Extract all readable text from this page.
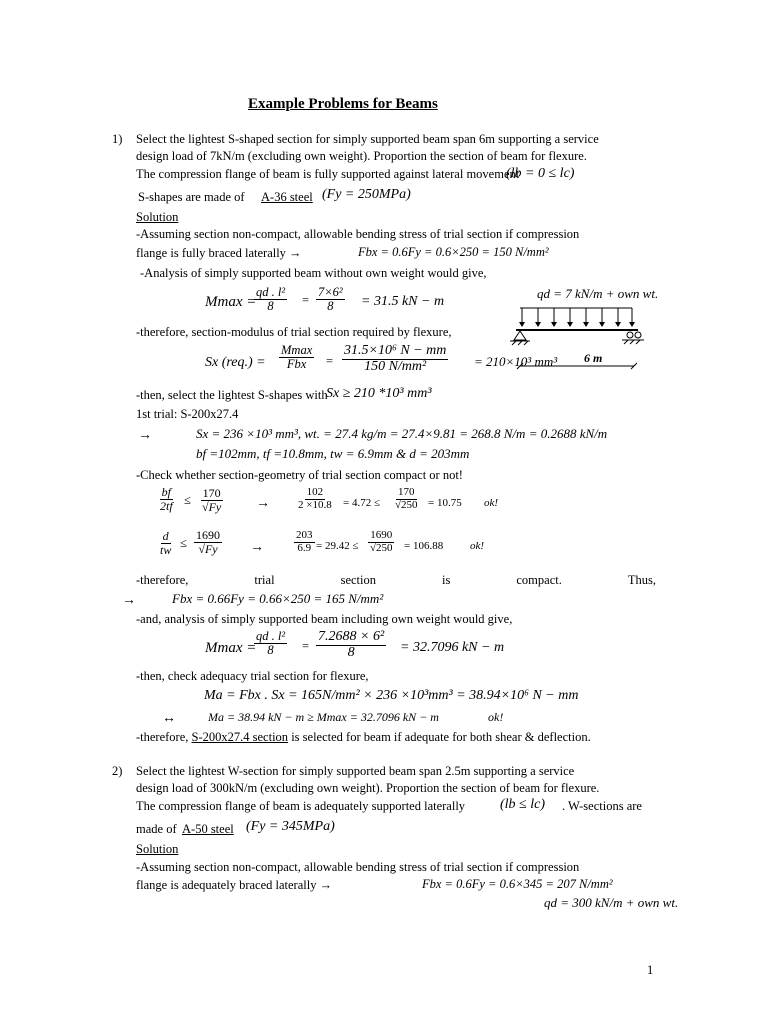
Example Problems for Beams
1) Select the lightest S-shaped section for simply supported beam span 6m supporting a service
design load of 7kN/m (excluding own weight). Proportion the section of beam for flexure.
The compression flange of beam is fully supported against lateral movement
(lb = 0 ≤ lc)
S-shapes are made of A-36 steel (Fy = 250MPa)
Solution
-Assuming section non-compact, allowable bending stress of trial section if compression
flange is fully braced laterally →	Fbx = 0.6Fy = 0.6×250 = 150 N/mm²
-Analysis of simply supported beam without own weight would give,
Mmax =
$\frac{\text{qd . l²}}{8} = \frac{\text{7×6²}}{8} = 31.5$ kN − m
qd = 7 kN/m + own wt.
6 m
-therefore, section-modulus of trial section required by flexure,
Sx (req.) =
Mmax
Fbx = $\frac{\text{31.5×10⁶ N − mm}}{\text{150 N/mm²}} = 210\times 10^3$ mm³
-then, select the lightest S-shapes with
Sx ≥ 210 *10³ mm³
1st trial: S-200x27.4
→	Sx = 236 ×10³ mm³, wt. = 27.4 kg/m = 27.4×9.81 = 268.8 N/m = 0.2688 kN/m
bf =102mm, tf =10.8mm, tw = 6.9mm & d = 203mm
-Check whether section-geometry of trial section compact or not!
$\frac{bf}{2tf} \le \frac{170}{√Fy} \to \frac{102}{2 \times 10.8} = 4.72 \le \frac{170}{√250} = 10.75$ ok!
$\frac{d}{tw} \le \frac{1690}{√Fy}$ →	$\frac{203}{6.9} = 29.42 \le \frac{1690}{√250} = 106.88$ ok!
-therefore,	trial	section	is	compact.	Thus,
→	Fbx = 0.66Fy = 0.66×250 = 165 N/mm²
-and, analysis of simply supported beam including own weight would give,
Mmax =
$\frac{\text{qd . l²}}{8} = \frac{\text{7.2688 × 6²}}{8} = 32.7096$ kN − m
-then, check adequacy trial section for flexure,
Ma = Fbx . Sx = 165N/mm² × 236 ×10³mm³ = 38.94×10⁶ N − mm
↔	Ma = 38.94 kN − m ≥ Mmax = 32.7096 kN − m	ok!
-therefore, S-200x27.4 section is selected for beam if adequate for both shear & deflection.
2) Select the lightest W-section for simply supported beam span 2.5m supporting a service
design load of 300kN/m (excluding own weight). Proportion the section of beam for flexure.
The compression flange of beam is adequately supported laterally (lb ≤ lc) . W-sections are
made of A-50 steel (Fy = 345MPa)
Solution
-Assuming section non-compact, allowable bending stress of trial section if compression
flange is adequately braced laterally →	Fbx = 0.6Fy = 0.6×345 = 207 N/mm²
qd = 300 kN/m + own wt.
1
